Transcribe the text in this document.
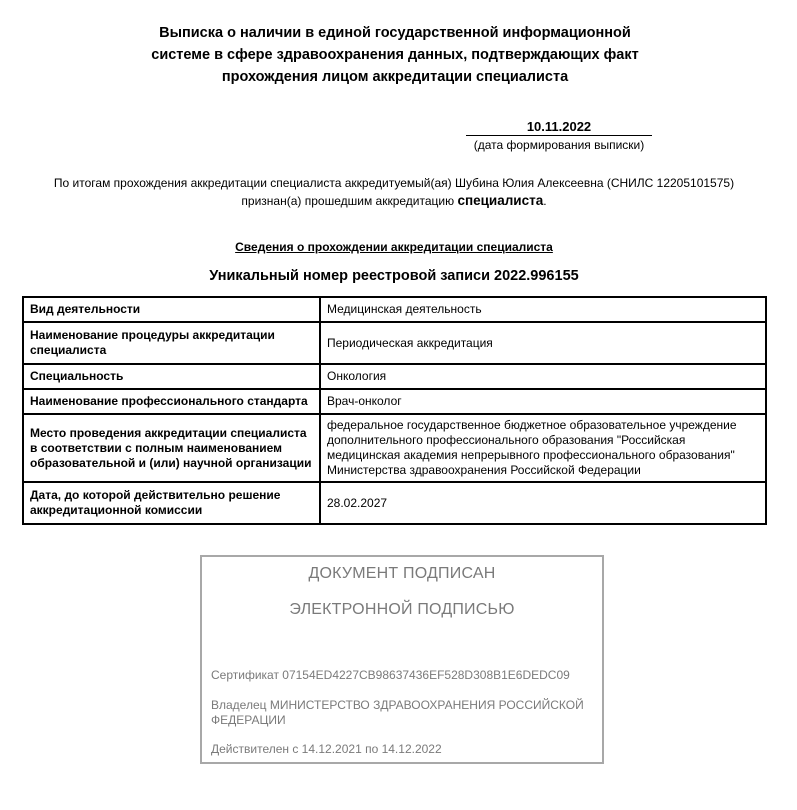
Выписка о наличии в единой государственной информационной
системе в сфере здравоохранения данных, подтверждающих факт
прохождения лицом аккредитации специалиста
10.11.2022
(дата формирования выписки)
По итогам прохождения аккредитации специалиста аккредитуемый(ая) Шубина Юлия Алексеевна (СНИЛС 12205101575)
признан(а) прошедшим аккредитацию специалиста.
Сведения о прохождении аккредитации специалиста
Уникальный номер реестровой записи 2022.996155
Вид деятельности	Медицинская деятельность
Наименование процедуры аккредитации специалиста	Периодическая аккредитация
Специальность	Онкология
Наименование профессионального стандарта	Врач-онколог
Место проведения аккредитации специалиста в соответствии с полным наименованием образовательной и (или) научной организации	федеральное государственное бюджетное образовательное учреждение дополнительного профессионального образования "Российская медицинская академия непрерывного профессионального образования" Министерства здравоохранения Российской Федерации
Дата, до которой действительно решение аккредитационной комиссии	28.02.2027
ДОКУМЕНТ ПОДПИСАН
ЭЛЕКТРОННОЙ ПОДПИСЬЮ
Сертификат 07154ED4227CB98637436EF528D308B1E6DEDC09
Владелец МИНИСТЕРСТВО ЗДРАВООХРАНЕНИЯ РОССИЙСКОЙ ФЕДЕРАЦИИ
Действителен с 14.12.2021 по 14.12.2022
